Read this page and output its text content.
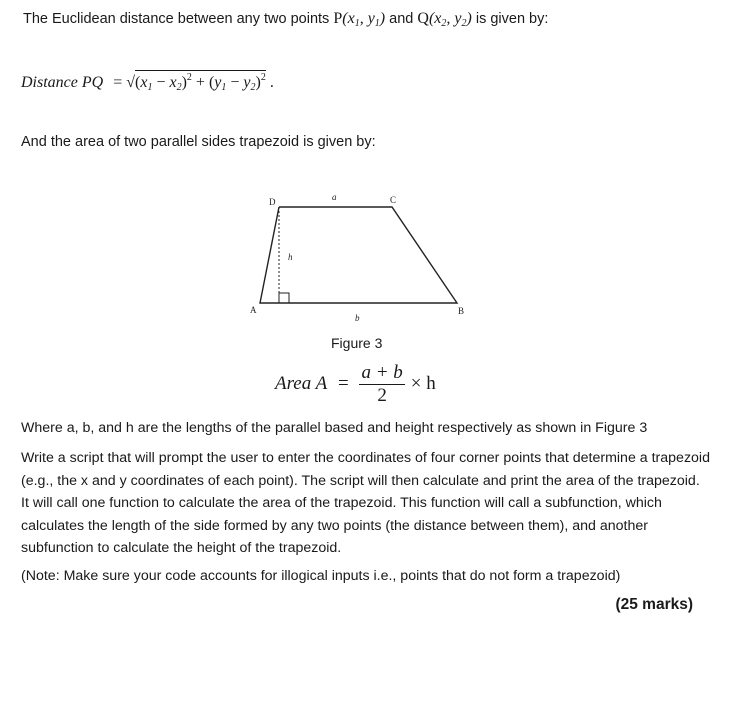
The Euclidean distance between any two points $P(x_1$, $y_1$) and $Q(x_2$, $y_2$) is given by:
Distance PQ = $√(x_1 - x_2)^2 + (y_1 - y_2)^2$ .
And the area of two parallel sides trapezoid is given by:
D	C
A	B
a
b
h
Figure 3
Area $A = \frac{a + b}{2} \times h$
Where a, b, and h are the lengths of the parallel based and height respectively as shown in Figure 3
Write a script that will prompt the user to enter the coordinates of four corner points that determine a trapezoid (e.g., the x and y coordinates of each point). The script will then calculate and print the area of the trapezoid. It will call one function to calculate the area of the trapezoid. This function will call a subfunction, which calculates the length of the side formed by any two points (the distance between them), and another subfunction to calculate the height of the trapezoid.
(Note: Make sure your code accounts for illogical inputs i.e., points that do not form a trapezoid)
(25 marks)
